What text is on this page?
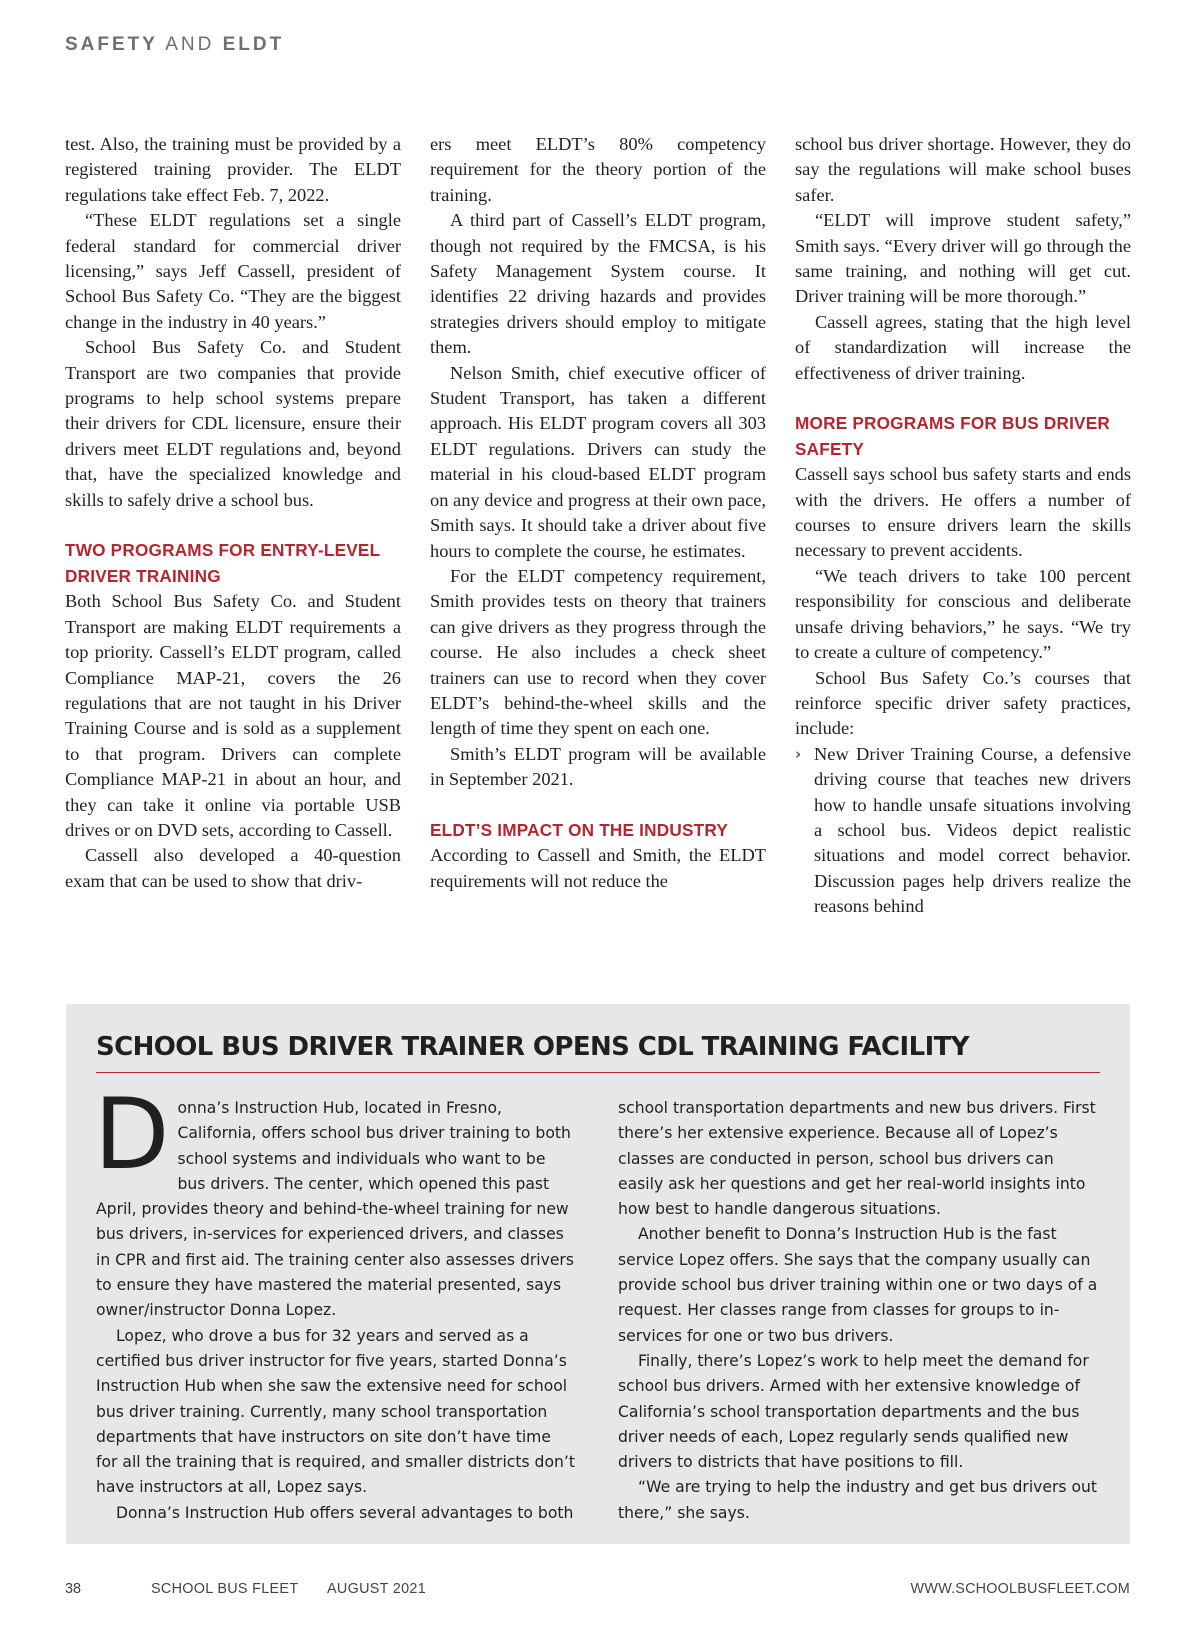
SAFETY AND ELDT

test. Also, the training must be provided by a registered training provider. The ELDT regulations take effect Feb. 7, 2022.

“These ELDT regulations set a single federal standard for commercial driver licensing,” says Jeff Cassell, president of School Bus Safety Co. “They are the biggest change in the industry in 40 years.”

School Bus Safety Co. and Student Transport are two companies that provide programs to help school systems prepare their drivers for CDL licensure, ensure their drivers meet ELDT regulations and, beyond that, have the specialized knowledge and skills to safely drive a school bus.

TWO PROGRAMS FOR ENTRY-LEVEL DRIVER TRAINING

Both School Bus Safety Co. and Student Transport are making ELDT requirements a top priority. Cassell’s ELDT program, called Compliance MAP-21, covers the 26 regulations that are not taught in his Driver Training Course and is sold as a supplement to that program. Drivers can complete Compliance MAP-21 in about an hour, and they can take it online via portable USB drives or on DVD sets, according to Cassell.

Cassell also developed a 40-question exam that can be used to show that driv-

ers meet ELDT’s 80% competency requirement for the theory portion of the training.

A third part of Cassell’s ELDT program, though not required by the FMCSA, is his Safety Management System course. It identifies 22 driving hazards and provides strategies drivers should employ to mitigate them.

Nelson Smith, chief executive officer of Student Transport, has taken a different approach. His ELDT program covers all 303 ELDT regulations. Drivers can study the material in his cloud-based ELDT program on any device and progress at their own pace, Smith says. It should take a driver about five hours to complete the course, he estimates.

For the ELDT competency requirement, Smith provides tests on theory that trainers can give drivers as they progress through the course. He also includes a check sheet trainers can use to record when they cover ELDT’s behind-the-wheel skills and the length of time they spent on each one.

Smith’s ELDT program will be available in September 2021.

ELDT’S IMPACT ON THE INDUSTRY

According to Cassell and Smith, the ELDT requirements will not reduce the

school bus driver shortage. However, they do say the regulations will make school buses safer.

“ELDT will improve student safety,” Smith says. “Every driver will go through the same training, and nothing will get cut. Driver training will be more thorough.”

Cassell agrees, stating that the high level of standardization will increase the effectiveness of driver training.

MORE PROGRAMS FOR BUS DRIVER SAFETY

Cassell says school bus safety starts and ends with the drivers. He offers a number of courses to ensure drivers learn the skills necessary to prevent accidents.

“We teach drivers to take 100 percent responsibility for conscious and deliberate unsafe driving behaviors,” he says. “We try to create a culture of competency.”

School Bus Safety Co.’s courses that reinforce specific driver safety practices, include:

› New Driver Training Course, a defensive driving course that teaches new drivers how to handle unsafe situations involving a school bus. Videos depict realistic situations and model correct behavior. Discussion pages help drivers realize the reasons behind
SCHOOL BUS DRIVER TRAINER OPENS CDL TRAINING FACILITY

Donna’s Instruction Hub, located in Fresno, California, offers school bus driver training to both school systems and individuals who want to be bus drivers. The center, which opened this past April, provides theory and behind-the-wheel training for new bus drivers, in-services for experienced drivers, and classes in CPR and first aid. The training center also assesses drivers to ensure they have mastered the material presented, says owner/instructor Donna Lopez.

Lopez, who drove a bus for 32 years and served as a certified bus driver instructor for five years, started Donna’s Instruction Hub when she saw the extensive need for school bus driver training. Currently, many school transportation departments that have instructors on site don’t have time for all the training that is required, and smaller districts don’t have instructors at all, Lopez says.

Donna’s Instruction Hub offers several advantages to both

school transportation departments and new bus drivers. First there’s her extensive experience. Because all of Lopez’s classes are conducted in person, school bus drivers can easily ask her questions and get her real-world insights into how best to handle dangerous situations.

Another benefit to Donna’s Instruction Hub is the fast service Lopez offers. She says that the company usually can provide school bus driver training within one or two days of a request. Her classes range from classes for groups to in-services for one or two bus drivers.

Finally, there’s Lopez’s work to help meet the demand for school bus drivers. Armed with her extensive knowledge of California’s school transportation departments and the bus driver needs of each, Lopez regularly sends qualified new drivers to districts that have positions to fill.

“We are trying to help the industry and get bus drivers out there,” she says.

38	SCHOOL BUS FLEET AUGUST 2021	WWW.SCHOOLBUSFLEET.COM
